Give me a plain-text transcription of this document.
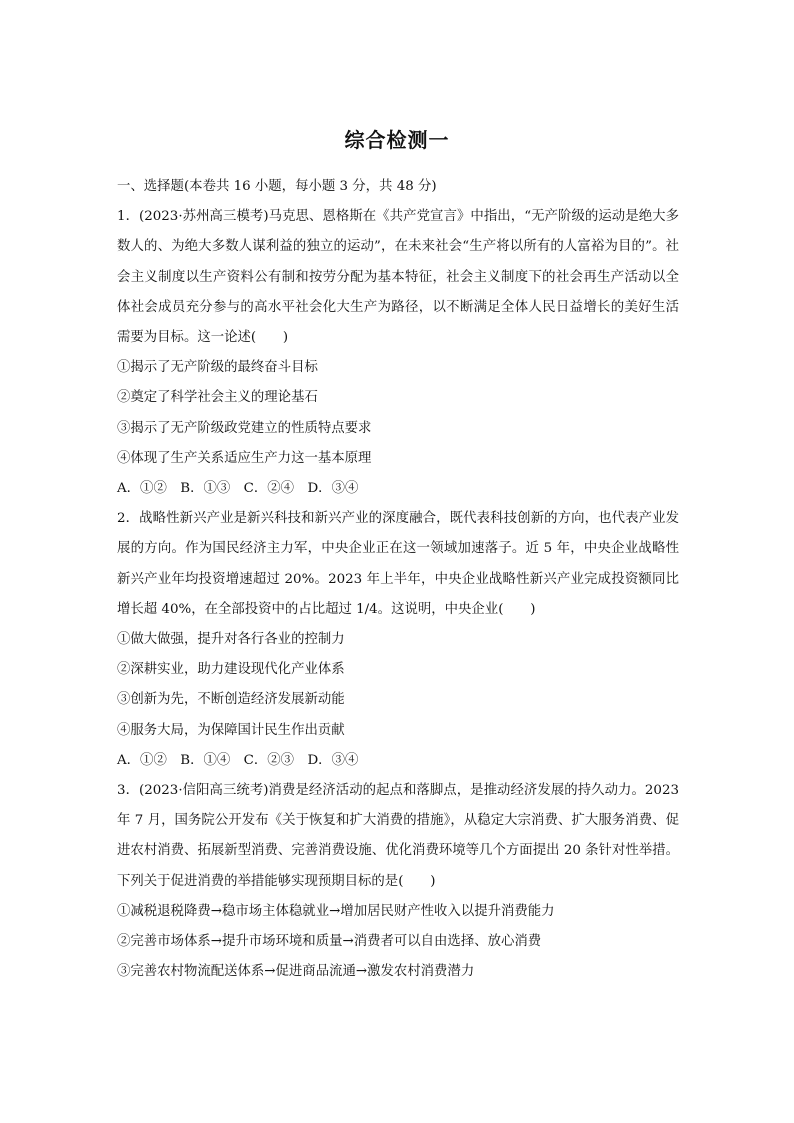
综合检测一

一、选择题(本卷共 16 小题，每小题 3 分，共 48 分)

1．(2023·苏州高三模考)马克思、恩格斯在《共产党宣言》中指出，“无产阶级的运动是绝大多数人的、为绝大多数人谋利益的独立的运动”，在未来社会“生产将以所有的人富裕为目的”。社会主义制度以生产资料公有制和按劳分配为基本特征，社会主义制度下的社会再生产活动以全体社会成员充分参与的高水平社会化大生产为路径，以不断满足全体人民日益增长的美好生活需要为目标。这一论述(　　)

①揭示了无产阶级的最终奋斗目标

②奠定了科学社会主义的理论基石

③揭示了无产阶级政党建立的性质特点要求

④体现了生产关系适应生产力这一基本原理

A．①②　B．①③　C．②④　D．③④

2．战略性新兴产业是新兴科技和新兴产业的深度融合，既代表科技创新的方向，也代表产业发展的方向。作为国民经济主力军，中央企业正在这一领域加速落子。近 5 年，中央企业战略性新兴产业年均投资增速超过 20%。2023 年上半年，中央企业战略性新兴产业完成投资额同比增长超 40%，在全部投资中的占比超过 1/4。这说明，中央企业(　　)

①做大做强，提升对各行各业的控制力

②深耕实业，助力建设现代化产业体系

③创新为先，不断创造经济发展新动能

④服务大局，为保障国计民生作出贡献

A．①②　B．①④　C．②③　D．③④

3．(2023·信阳高三统考)消费是经济活动的起点和落脚点，是推动经济发展的持久动力。2023 年 7 月，国务院公开发布《关于恢复和扩大消费的措施》，从稳定大宗消费、扩大服务消费、促进农村消费、拓展新型消费、完善消费设施、优化消费环境等几个方面提出 20 条针对性举措。下列关于促进消费的举措能够实现预期目标的是(　　)

①减税退税降费→稳市场主体稳就业→增加居民财产性收入以提升消费能力

②完善市场体系→提升市场环境和质量→消费者可以自由选择、放心消费

③完善农村物流配送体系→促进商品流通→激发农村消费潜力
